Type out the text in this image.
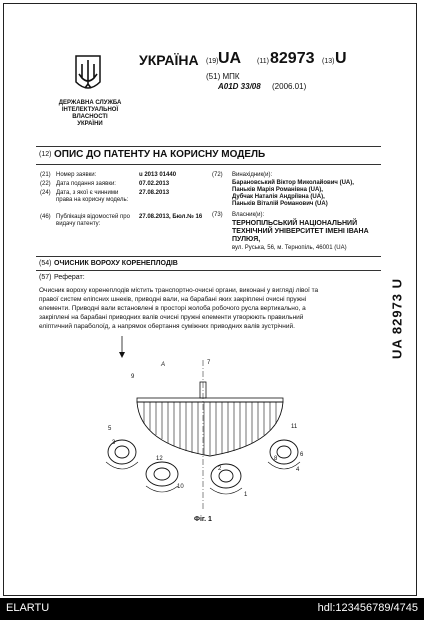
ДЕРЖАВНА СЛУЖБА
ІНТЕЛЕКТУАЛЬНОЇ
ВЛАСНОСТІ
УКРАЇНИ
УКРАЇНА (19) UA (11) 82973 (13) U
(51) МПК
A01D 33/08 (2006.01)
(12) ОПИС ДО ПАТЕНТУ НА КОРИСНУ МОДЕЛЬ
(21) Номер заявки:	u 2013 01440
(22) Дата подання заявки:	07.02.2013
(24) Дата, з якої є чинними права на корисну модель:
27.08.2013
(46) Публікація відомостей про видачу патенту:
27.08.2013, Бюл.№ 16
(72) Винахідник(и):
Барановський Віктор Миколайович (UA),
Паньків Марія Романівна (UA),
Дубчак Наталія Андріївна (UA),
Паньків Віталій Романович (UA)
(73) Власник(и):
ТЕРНОПІЛЬСЬКИЙ НАЦІОНАЛЬНИЙ
ТЕХНІЧНИЙ УНІВЕРСИТЕТ ІМЕНІ ІВАНА
ПУЛЮЯ,
вул. Руська, 56, м. Тернопіль, 46001 (UA)
(54) ОЧИСНИК ВОРОХУ КОРЕНЕПЛОДІВ
(57) Реферат:
Очисник вороху коренеплодів містить транспортно-очисні органи, виконані у вигляді лівої та
правої систем еліпсних шнеків, приводні вали, на барабані яких закріплені очисні пружні
елементи. Приводні вали встановлені в просторі жолоба робочого русла вертикально, а
закріплені на барабані приводних валів очисні пружні елементи утворюють правильний
еліптичний параболоїд, а напрямок обертання суміжних приводних валів зустрічний.	UA 82973 U
A	7
9
11
5
3
12
10
6
4
8
1
2
Фіг. 1
ELARTU	hdl:123456789/4745
